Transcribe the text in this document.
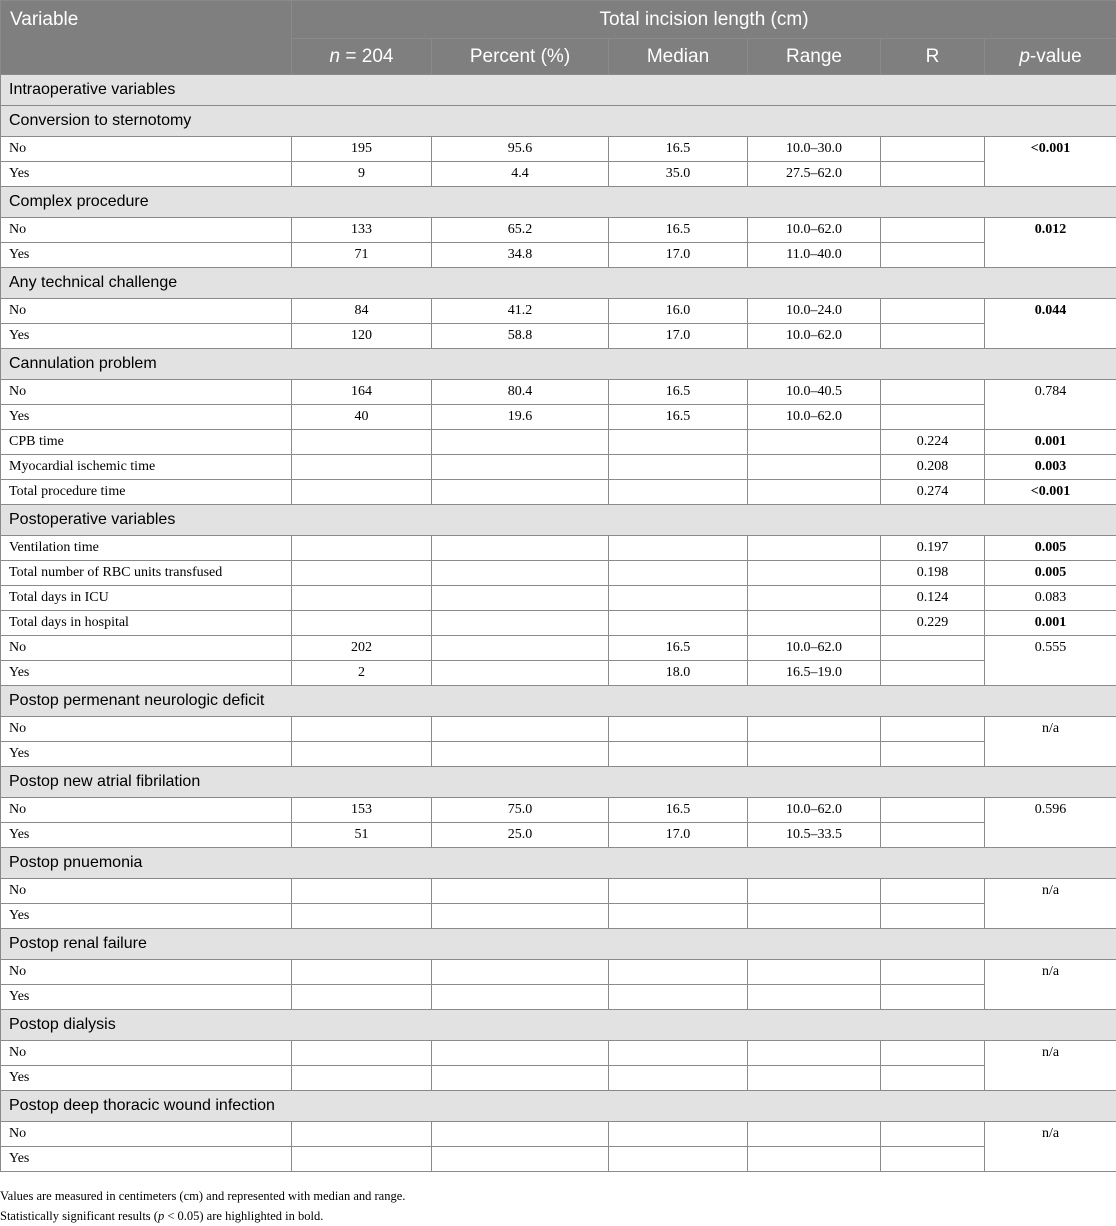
Variable	Total incision length (cm)					
	n = 204	Percent (%)	Median	Range	R	p-value
Intraoperative variables						
Conversion to sternotomy						
No	195	95.6	16.5	10.0–30.0		<0.001
Yes	9	4.4	35.0	27.5–62.0		
Complex procedure						
No	133	65.2	16.5	10.0–62.0		0.012
Yes	71	34.8	17.0	11.0–40.0		
Any technical challenge						
No	84	41.2	16.0	10.0–24.0		0.044
Yes	120	58.8	17.0	10.0–62.0		
Cannulation problem						
No	164	80.4	16.5	10.0–40.5		0.784
Yes	40	19.6	16.5	10.0–62.0		
CPB time					0.224	0.001
Myocardial ischemic time					0.208	0.003
Total procedure time					0.274	<0.001
Postoperative variables						
Ventilation time					0.197	0.005
Total number of RBC units transfused					0.198	0.005
Total days in ICU					0.124	0.083
Total days in hospital					0.229	0.001
No	202		16.5	10.0–62.0		0.555
Yes	2		18.0	16.5–19.0		
Postop permenant neurologic deficit						
No						n/a
Yes						
Postop new atrial fibrilation						
No	153	75.0	16.5	10.0–62.0		0.596
Yes	51	25.0	17.0	10.5–33.5		
Postop pnuemonia						
No						n/a
Yes						
Postop renal failure						
No						n/a
Yes						
Postop dialysis						
No						n/a
Yes						
Postop deep thoracic wound infection						
No						n/a
Yes						
Values are measured in centimeters (cm) and represented with median and range.
Statistically significant results (p < 0.05) are highlighted in bold.
